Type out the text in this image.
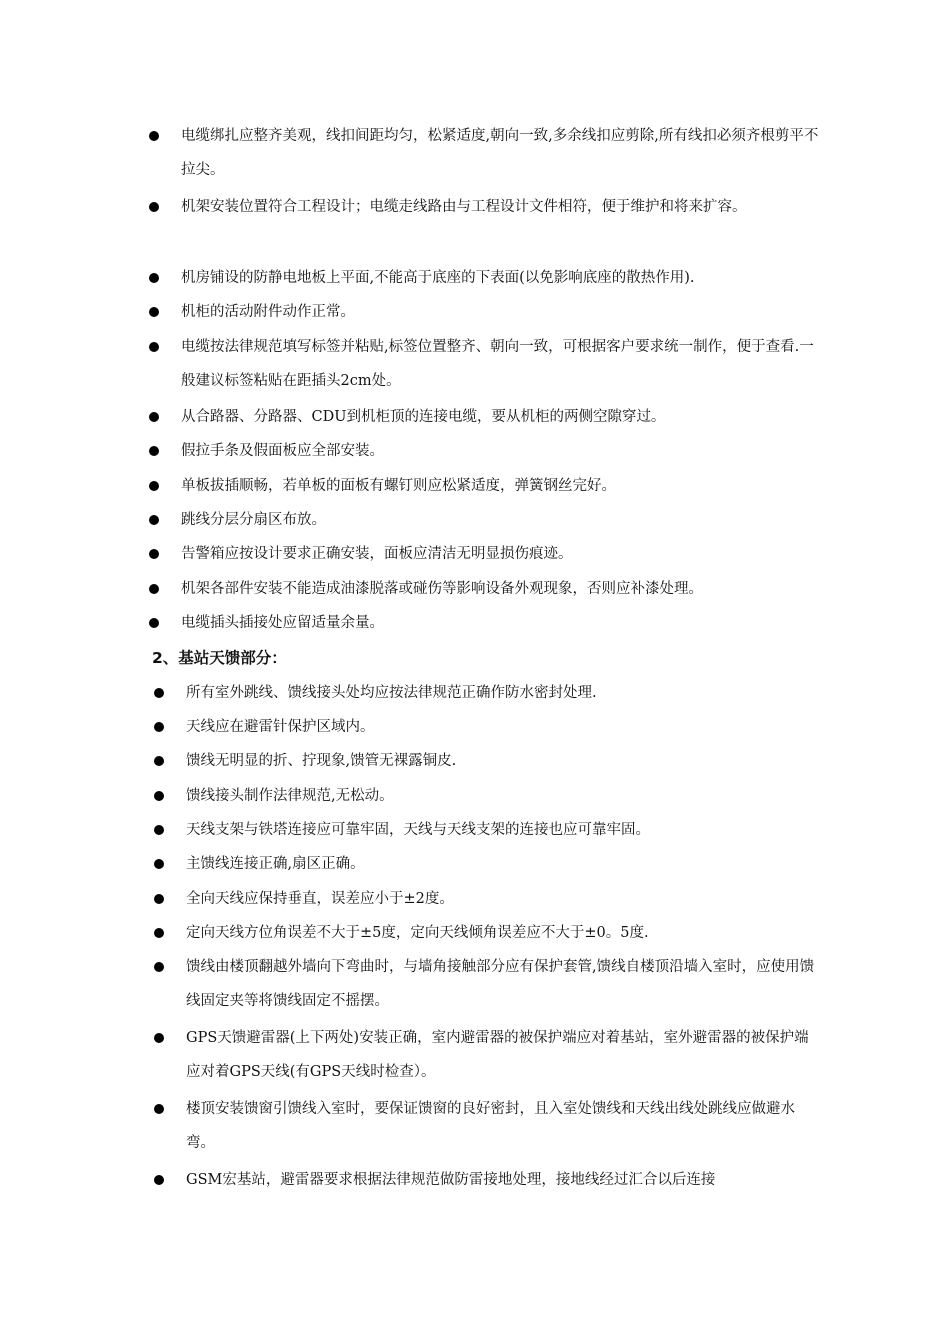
电缆绑扎应整齐美观，线扣间距均匀，松紧适度,朝向一致,多余线扣应剪除,所有线扣必须齐根剪平不拉尖。
机架安装位置符合工程设计；电缆走线路由与工程设计文件相符，便于维护和将来扩容。
机房铺设的防静电地板上平面,不能高于底座的下表面(以免影响底座的散热作用).
机柜的活动附件动作正常。
电缆按法律规范填写标签并粘贴,标签位置整齐、朝向一致，可根据客户要求统一制作，便于查看.一般建议标签粘贴在距插头2cm处。
从合路器、分路器、CDU到机柜顶的连接电缆，要从机柜的两侧空隙穿过。
假拉手条及假面板应全部安装。
单板拔插顺畅，若单板的面板有螺钉则应松紧适度，弹簧钢丝完好。
跳线分层分扇区布放。
告警箱应按设计要求正确安装，面板应清洁无明显损伤痕迹。
机架各部件安装不能造成油漆脱落或碰伤等影响设备外观现象，否则应补漆处理。
电缆插头插接处应留适量余量。
2、基站天馈部分：
所有室外跳线、馈线接头处均应按法律规范正确作防水密封处理.
天线应在避雷针保护区域内。
馈线无明显的折、拧现象,馈管无裸露铜皮.
馈线接头制作法律规范,无松动。
天线支架与铁塔连接应可靠牢固，天线与天线支架的连接也应可靠牢固。
主馈线连接正确,扇区正确。
全向天线应保持垂直，误差应小于±2度。
定向天线方位角误差不大于±5度，定向天线倾角误差应不大于±0。5度.
馈线由楼顶翻越外墙向下弯曲时，与墙角接触部分应有保护套管,馈线自楼顶沿墙入室时，应使用馈线固定夹等将馈线固定不摇摆。
GPS天馈避雷器(上下两处)安装正确，室内避雷器的被保护端应对着基站，室外避雷器的被保护端应对着GPS天线(有GPS天线时检查）。
楼顶安装馈窗引馈线入室时，要保证馈窗的良好密封，且入室处馈线和天线出线处跳线应做避水弯。
GSM宏基站，避雷器要求根据法律规范做防雷接地处理，接地线经过汇合以后连接
